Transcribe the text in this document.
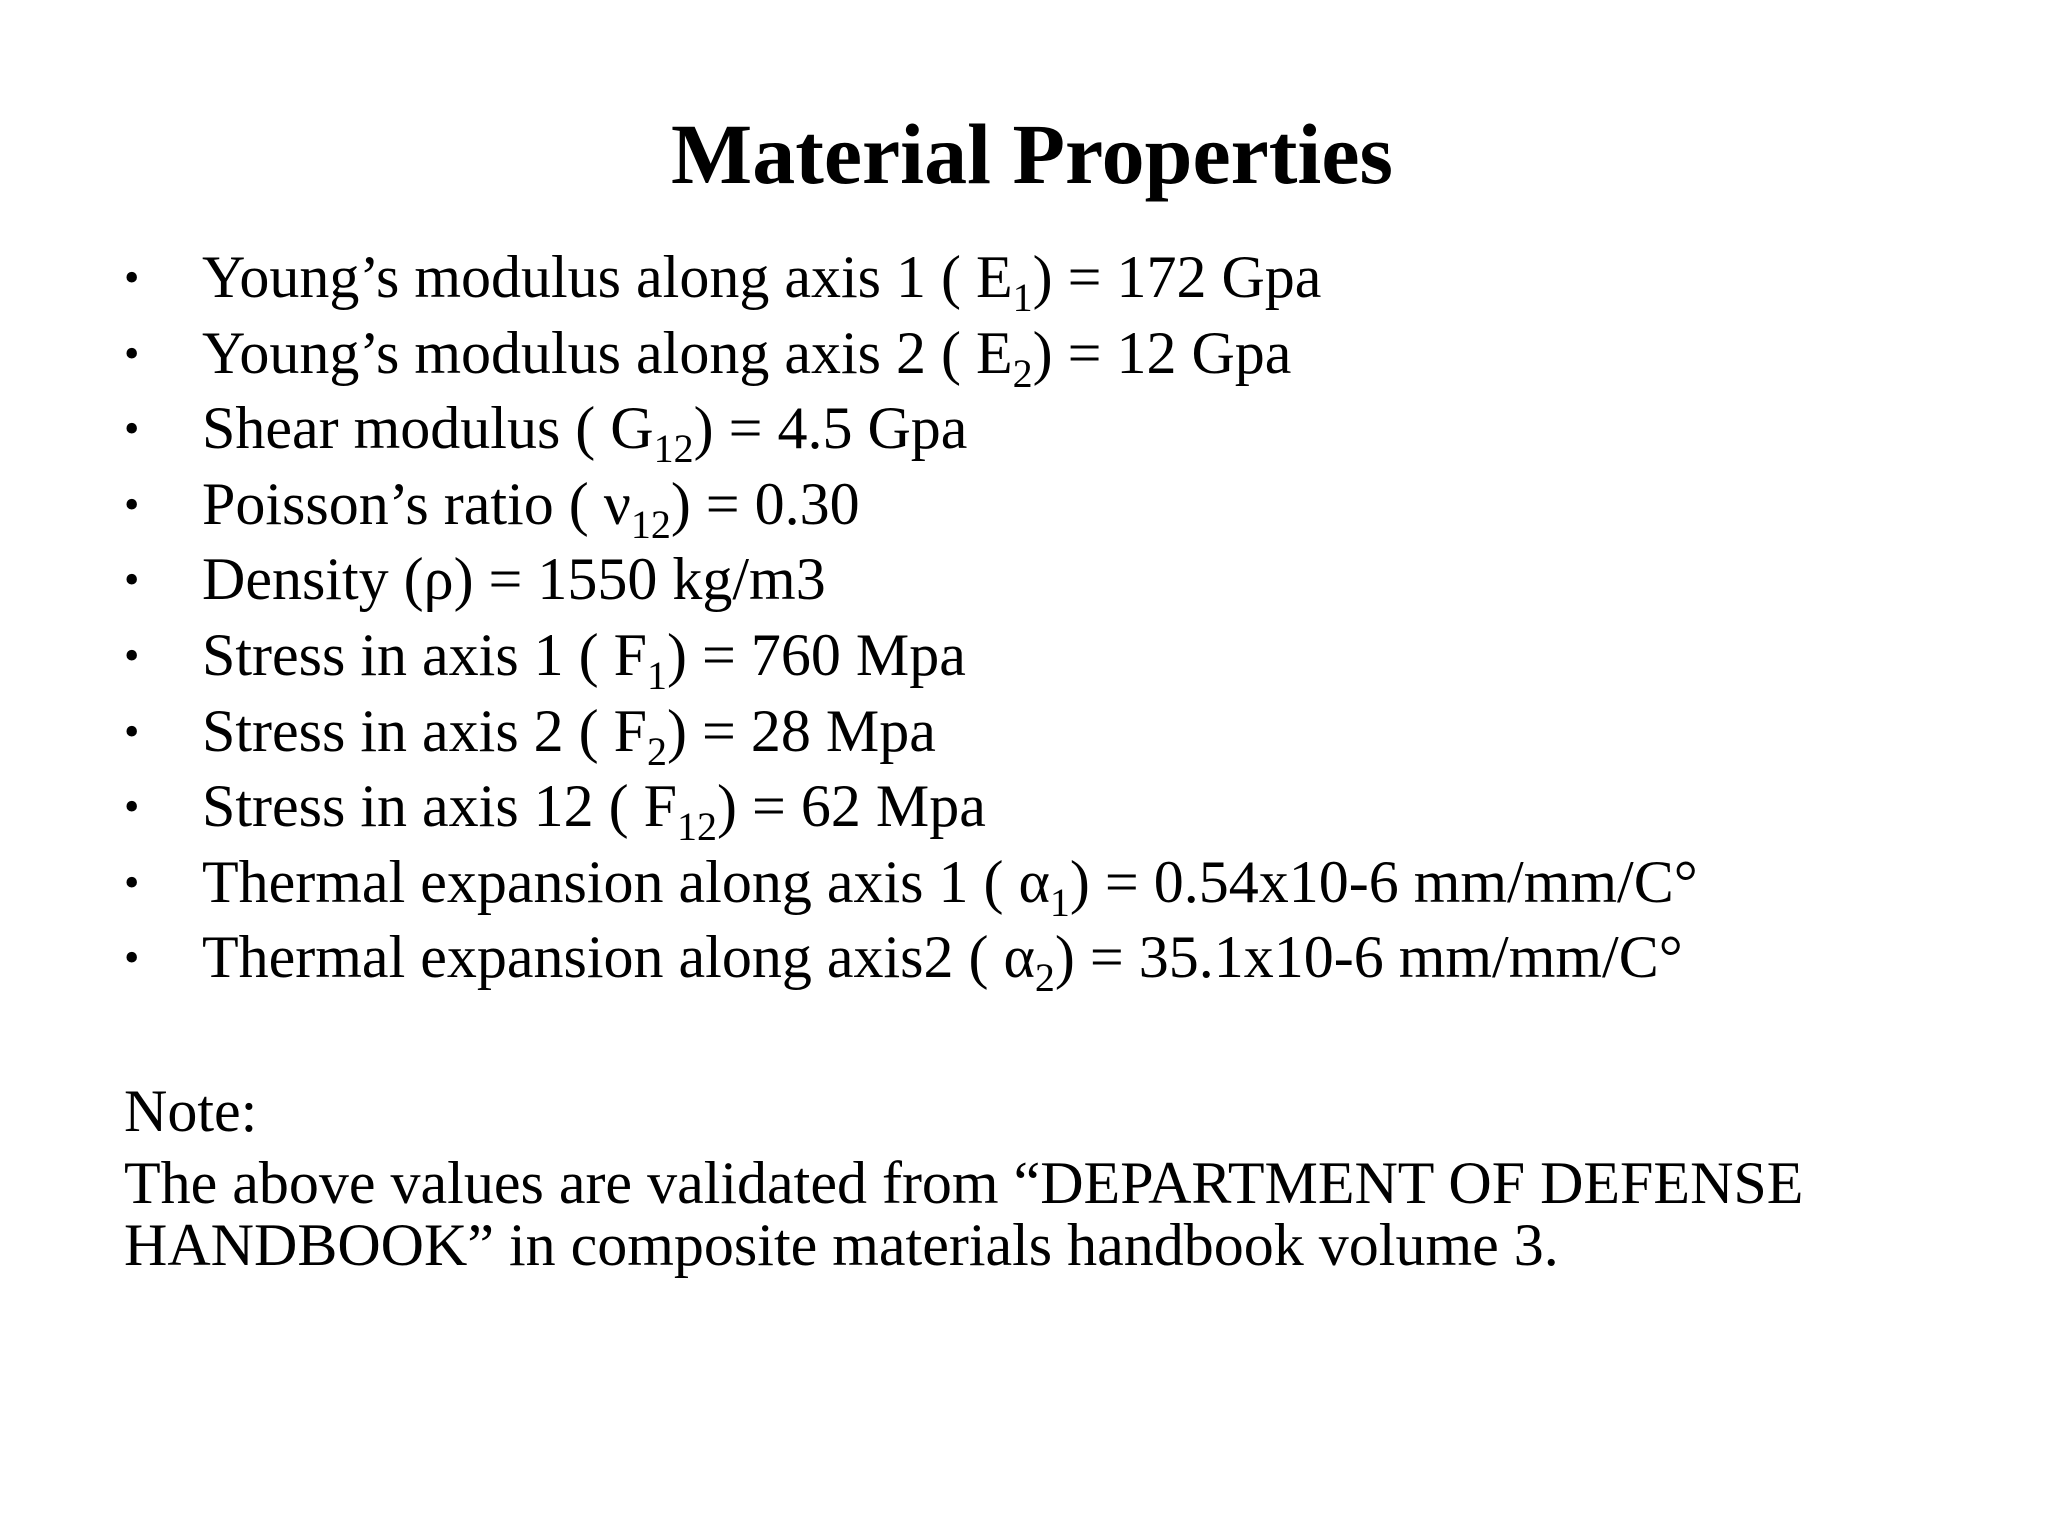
Material Properties
• Young’s modulus along axis 1 ( $E_1) = 172$ Gpa
• Young’s modulus along axis 2 ( $E_2) = 12$ Gpa
• Shear modulus ( $G_{12}) = 4.5$ Gpa
• Poisson’s ratio ( $\nu_{12}) = 0.30$
• Density (ρ) = 1550 kg/m3
• Stress in axis 1 ( $F_1) = 760$ Mpa
• Stress in axis 2 ( $F_2) = 28$ Mpa
• Stress in axis 12 ( $F_{12}) = 62$ Mpa
• Thermal expansion along axis 1 ( $\alpha_1) = 0.54x10-6$ mm/mm/C°
• Thermal expansion along axis2 ( $\alpha_2) = 35.1x10-6$ mm/mm/C°
Note:
The above values are validated from “DEPARTMENT OF DEFENSE HANDBOOK” in composite materials handbook volume 3.
